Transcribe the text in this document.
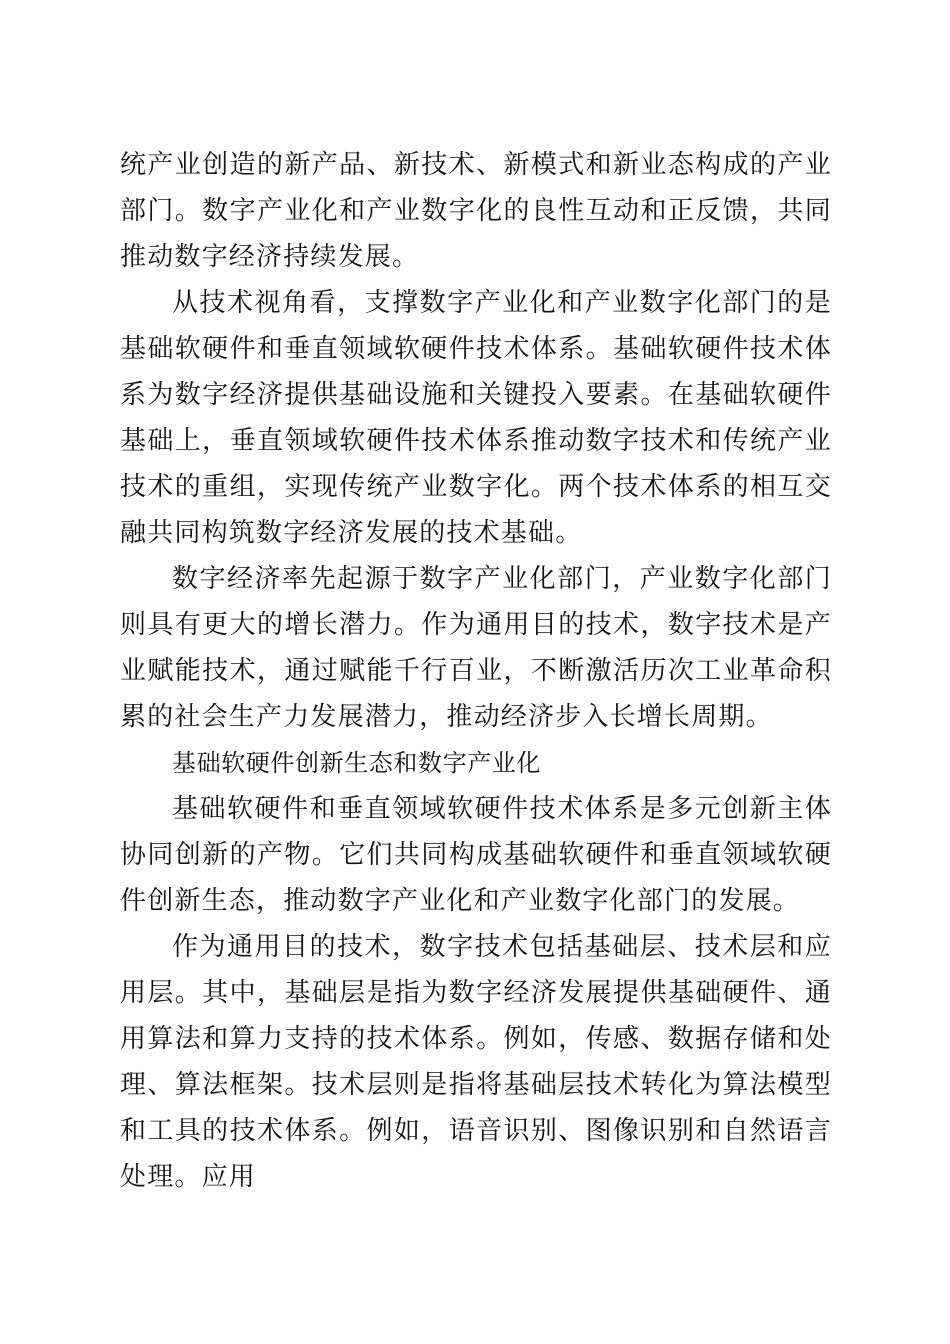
统产业创造的新产品、新技术、新模式和新业态构成的产业部门。数字产业化和产业数字化的良性互动和正反馈，共同推动数字经济持续发展。

从技术视角看，支撑数字产业化和产业数字化部门的是基础软硬件和垂直领域软硬件技术体系。基础软硬件技术体系为数字经济提供基础设施和关键投入要素。在基础软硬件基础上，垂直领域软硬件技术体系推动数字技术和传统产业技术的重组，实现传统产业数字化。两个技术体系的相互交融共同构筑数字经济发展的技术基础。

数字经济率先起源于数字产业化部门，产业数字化部门则具有更大的增长潜力。作为通用目的技术，数字技术是产业赋能技术，通过赋能千行百业，不断激活历次工业革命积累的社会生产力发展潜力，推动经济步入长增长周期。

基础软硬件创新生态和数字产业化

基础软硬件和垂直领域软硬件技术体系是多元创新主体协同创新的产物。它们共同构成基础软硬件和垂直领域软硬件创新生态，推动数字产业化和产业数字化部门的发展。

作为通用目的技术，数字技术包括基础层、技术层和应用层。其中，基础层是指为数字经济发展提供基础硬件、通用算法和算力支持的技术体系。例如，传感、数据存储和处理、算法框架。技术层则是指将基础层技术转化为算法模型和工具的技术体系。例如，语音识别、图像识别和自然语言处理。应用
